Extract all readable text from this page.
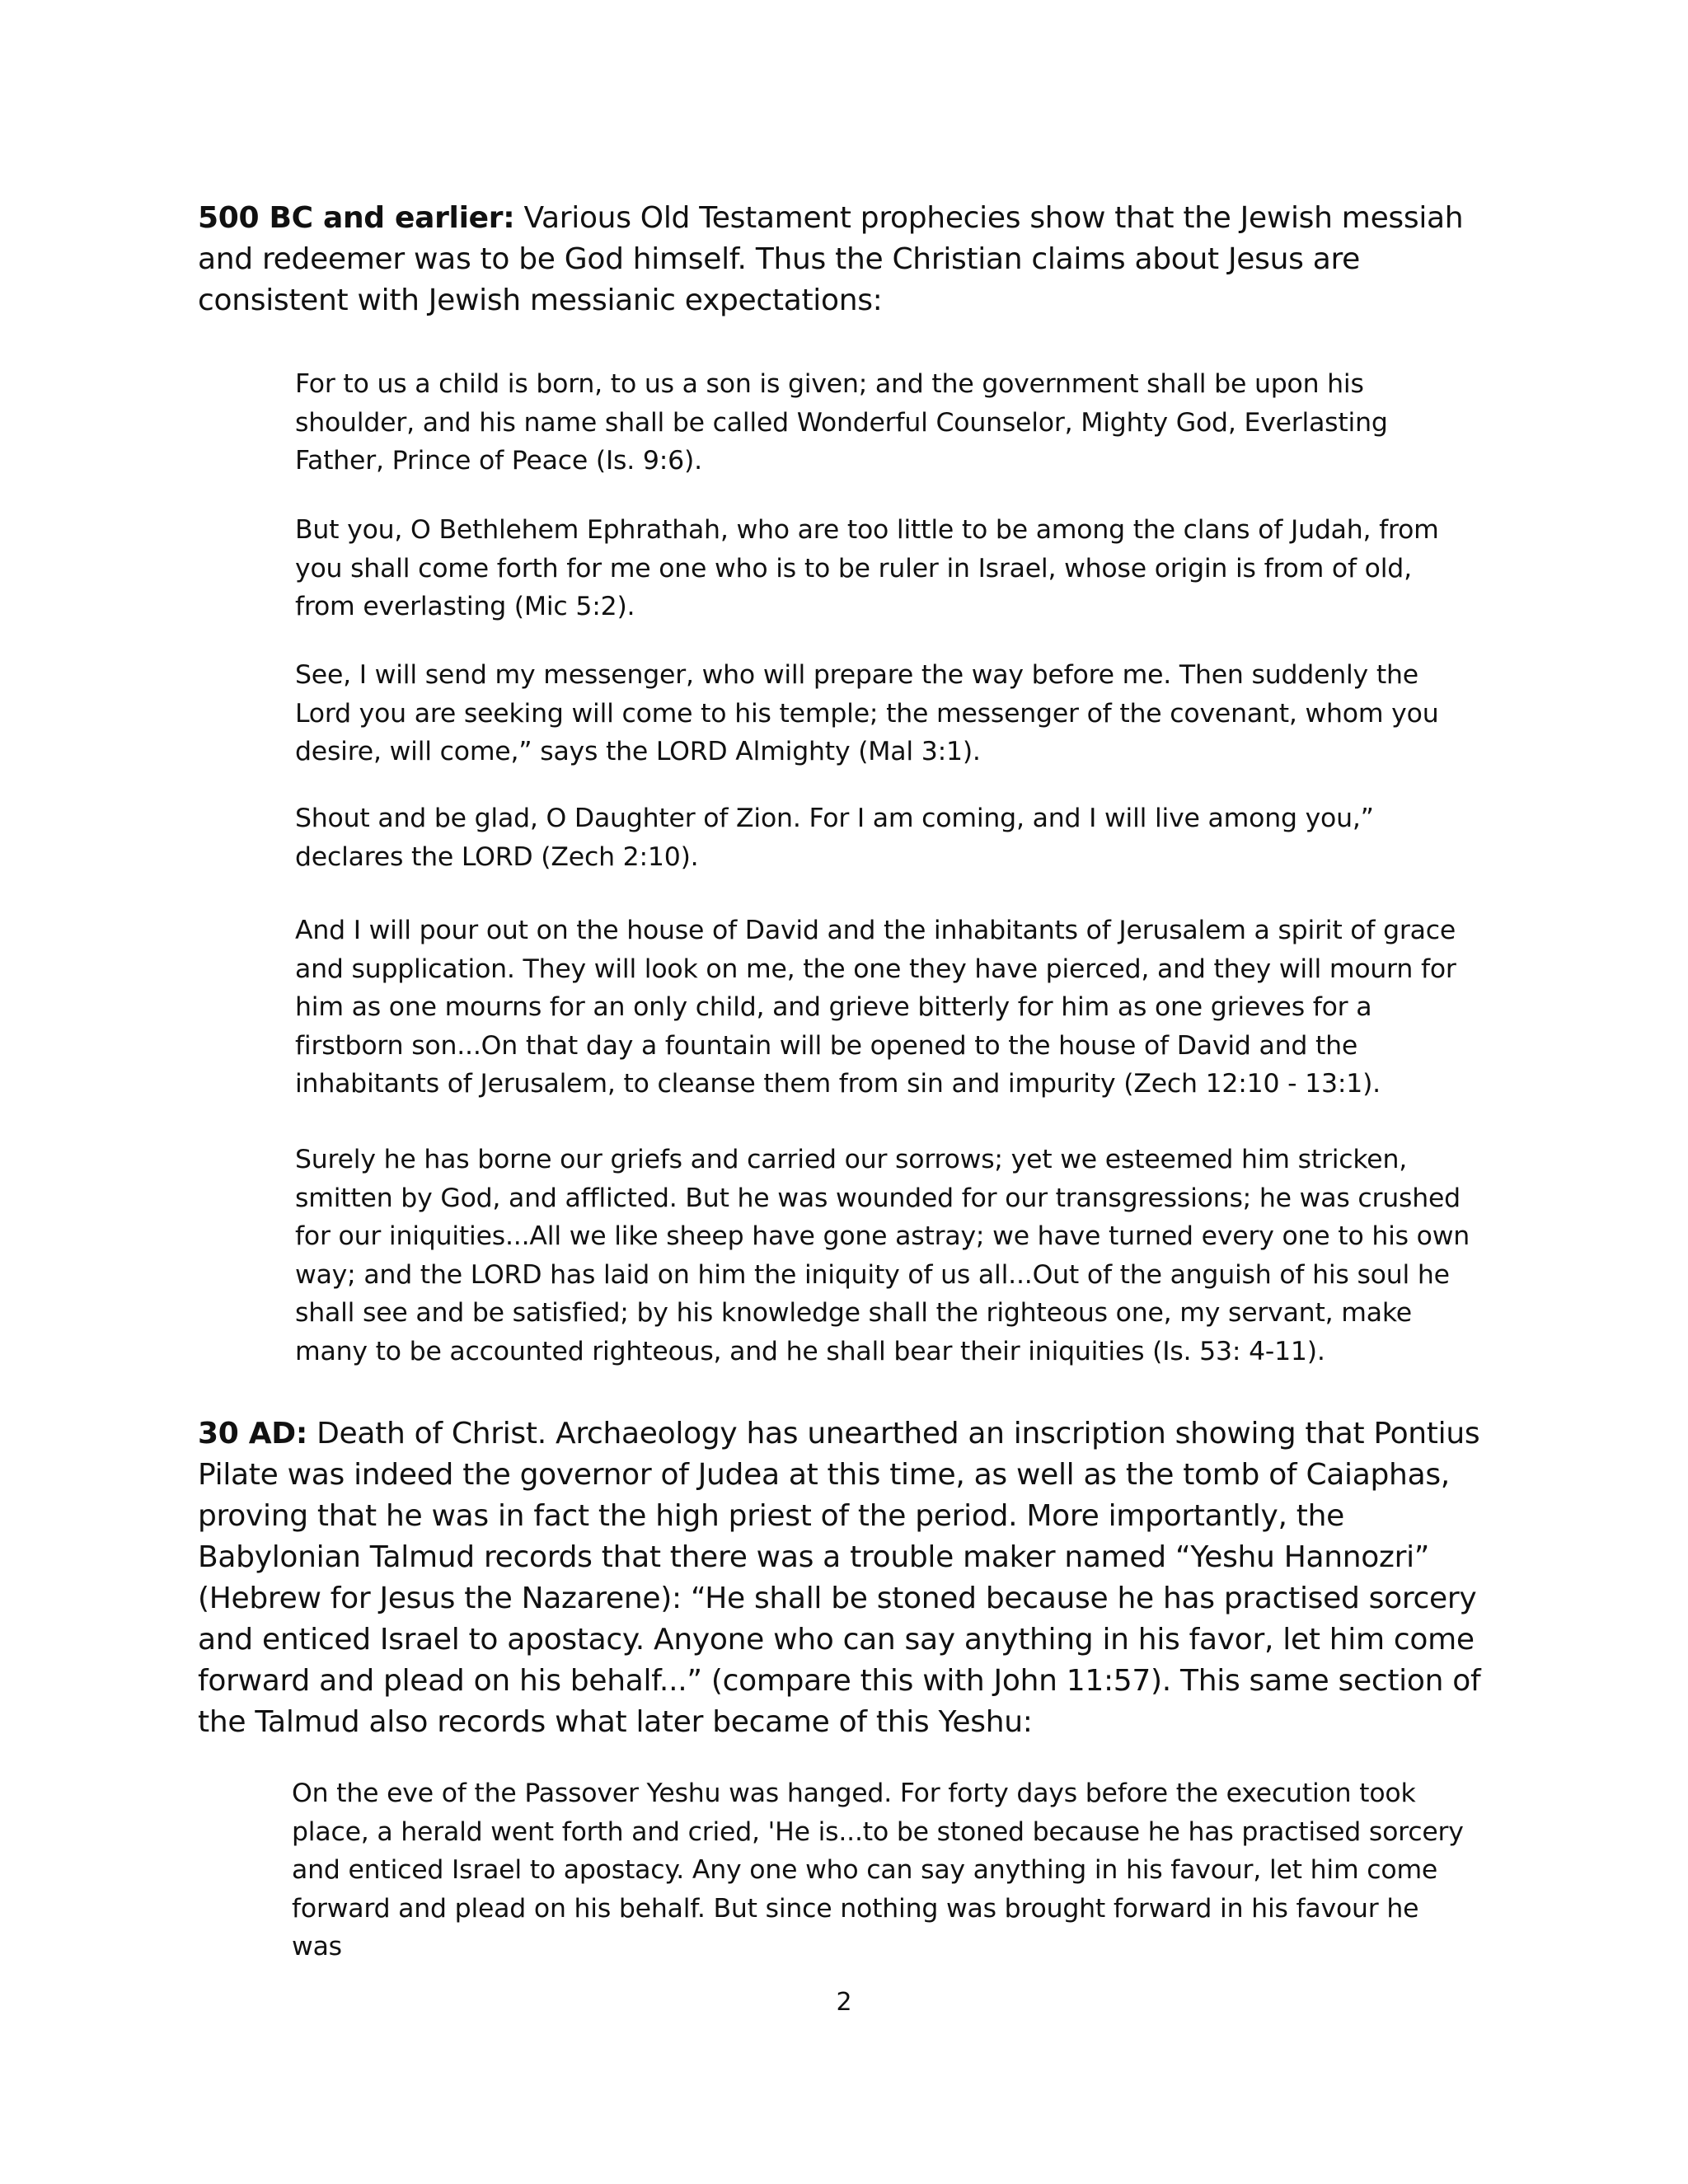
500 BC and earlier: Various Old Testament prophecies show that the Jewish messiah and redeemer was to be God himself. Thus the Christian claims about Jesus are consistent with Jewish messianic expectations:

For to us a child is born, to us a son is given; and the government shall be upon his shoulder, and his name shall be called Wonderful Counselor, Mighty God, Everlasting Father, Prince of Peace (Is. 9:6).

But you, O Bethlehem Ephrathah, who are too little to be among the clans of Judah, from you shall come forth for me one who is to be ruler in Israel, whose origin is from of old, from everlasting (Mic 5:2).

See, I will send my messenger, who will prepare the way before me. Then suddenly the Lord you are seeking will come to his temple; the messenger of the covenant, whom you desire, will come,” says the LORD Almighty (Mal 3:1).

Shout and be glad, O Daughter of Zion. For I am coming, and I will live among you,” declares the LORD (Zech 2:10).

And I will pour out on the house of David and the inhabitants of Jerusalem a spirit of grace and supplication. They will look on me, the one they have pierced, and they will mourn for him as one mourns for an only child, and grieve bitterly for him as one grieves for a firstborn son...On that day a fountain will be opened to the house of David and the inhabitants of Jerusalem, to cleanse them from sin and impurity (Zech 12:10 - 13:1).

Surely he has borne our griefs and carried our sorrows; yet we esteemed him stricken, smitten by God, and afflicted. But he was wounded for our transgressions; he was crushed for our iniquities...All we like sheep have gone astray; we have turned every one to his own way; and the LORD has laid on him the iniquity of us all...Out of the anguish of his soul he shall see and be satisfied; by his knowledge shall the righteous one, my servant, make many to be accounted righteous, and he shall bear their iniquities (Is. 53: 4-11).

30 AD: Death of Christ. Archaeology has unearthed an inscription showing that Pontius Pilate was indeed the governor of Judea at this time, as well as the tomb of Caiaphas, proving that he was in fact the high priest of the period. More importantly, the Babylonian Talmud records that there was a trouble maker named “Yeshu Hannozri” (Hebrew for Jesus the Nazarene): “He shall be stoned because he has practised sorcery and enticed Israel to apostacy. Anyone who can say anything in his favor, let him come forward and plead on his behalf...” (compare this with John 11:57). This same section of the Talmud also records what later became of this Yeshu:

On the eve of the Passover Yeshu was hanged. For forty days before the execution took place, a herald went forth and cried, 'He is...to be stoned because he has practised sorcery and enticed Israel to apostacy. Any one who can say anything in his favour, let him come forward and plead on his behalf. But since nothing was brought forward in his favour he was

2
